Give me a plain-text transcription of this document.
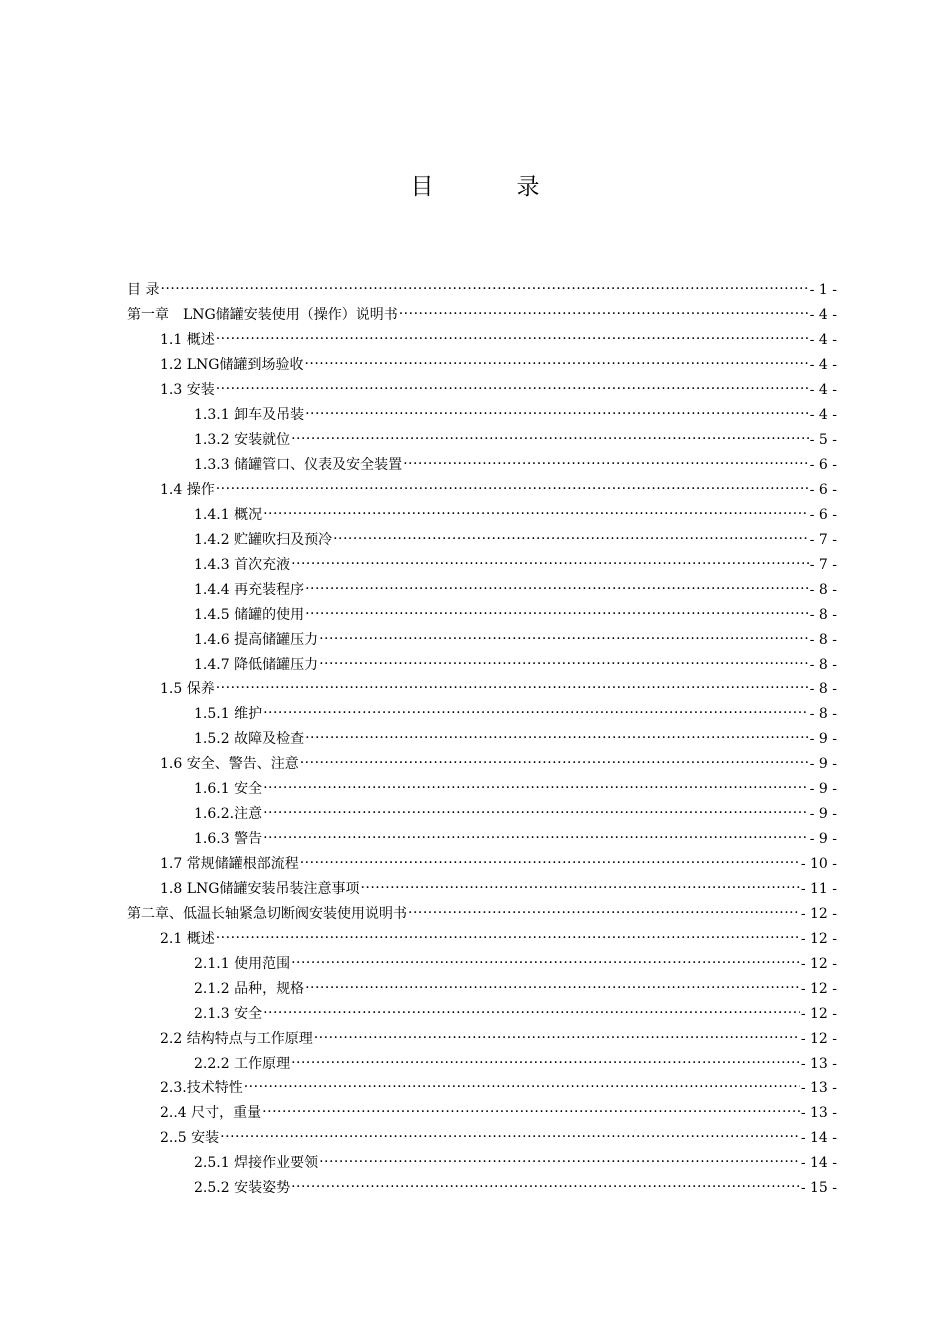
目　录
目 录 ·····	- 1 -
第一章　LNG储罐安装使用（操作）说明书 ·····	- 4 -
1.1 概述 ·····	- 4 -
1.2 LNG储罐到场验收 ·····	- 4 -
1.3 安装 ·····	- 4 -
1.3.1 卸车及吊装 ·····	- 4 -
1.3.2 安装就位 ·····	- 5 -
1.3.3 储罐管口、仪表及安全装置 ·····	- 6 -
1.4 操作 ·····	- 6 -
1.4.1 概况 ·····	- 6 -
1.4.2 贮罐吹扫及预冷 ·····	- 7 -
1.4.3 首次充液 ·····	- 7 -
1.4.4 再充装程序 ·····	- 8 -
1.4.5 储罐的使用 ·····	- 8 -
1.4.6 提高储罐压力 ·····	- 8 -
1.4.7 降低储罐压力 ·····	- 8 -
1.5 保养 ·····	- 8 -
1.5.1 维护 ·····	- 8 -
1.5.2 故障及检查 ·····	- 9 -
1.6 安全、警告、注意 ·····	- 9 -
1.6.1 安全 ·····	- 9 -
1.6.2.注意 ·····	- 9 -
1.6.3 警告 ·····	- 9 -
1.7 常规储罐根部流程 ·····	- 10 -
1.8 LNG储罐安装吊装注意事项 ·····	- 11 -
第二章、低温长轴紧急切断阀安装使用说明书 ·····	- 12 -
2.1 概述 ·····	- 12 -
2.1.1 使用范围 ·····	- 12 -
2.1.2 品种，规格 ·····	- 12 -
2.1.3 安全 ·····	- 12 -
2.2 结构特点与工作原理 ·····	- 12 -
2.2.2 工作原理 ·····	- 13 -
2.3.技术特性 ·····	- 13 -
2..4 尺寸，重量 ·····	- 13 -
2..5 安装 ·····	- 14 -
2.5.1 焊接作业要领 ·····	- 14 -
2.5.2 安装姿势 ·····	- 15 -
